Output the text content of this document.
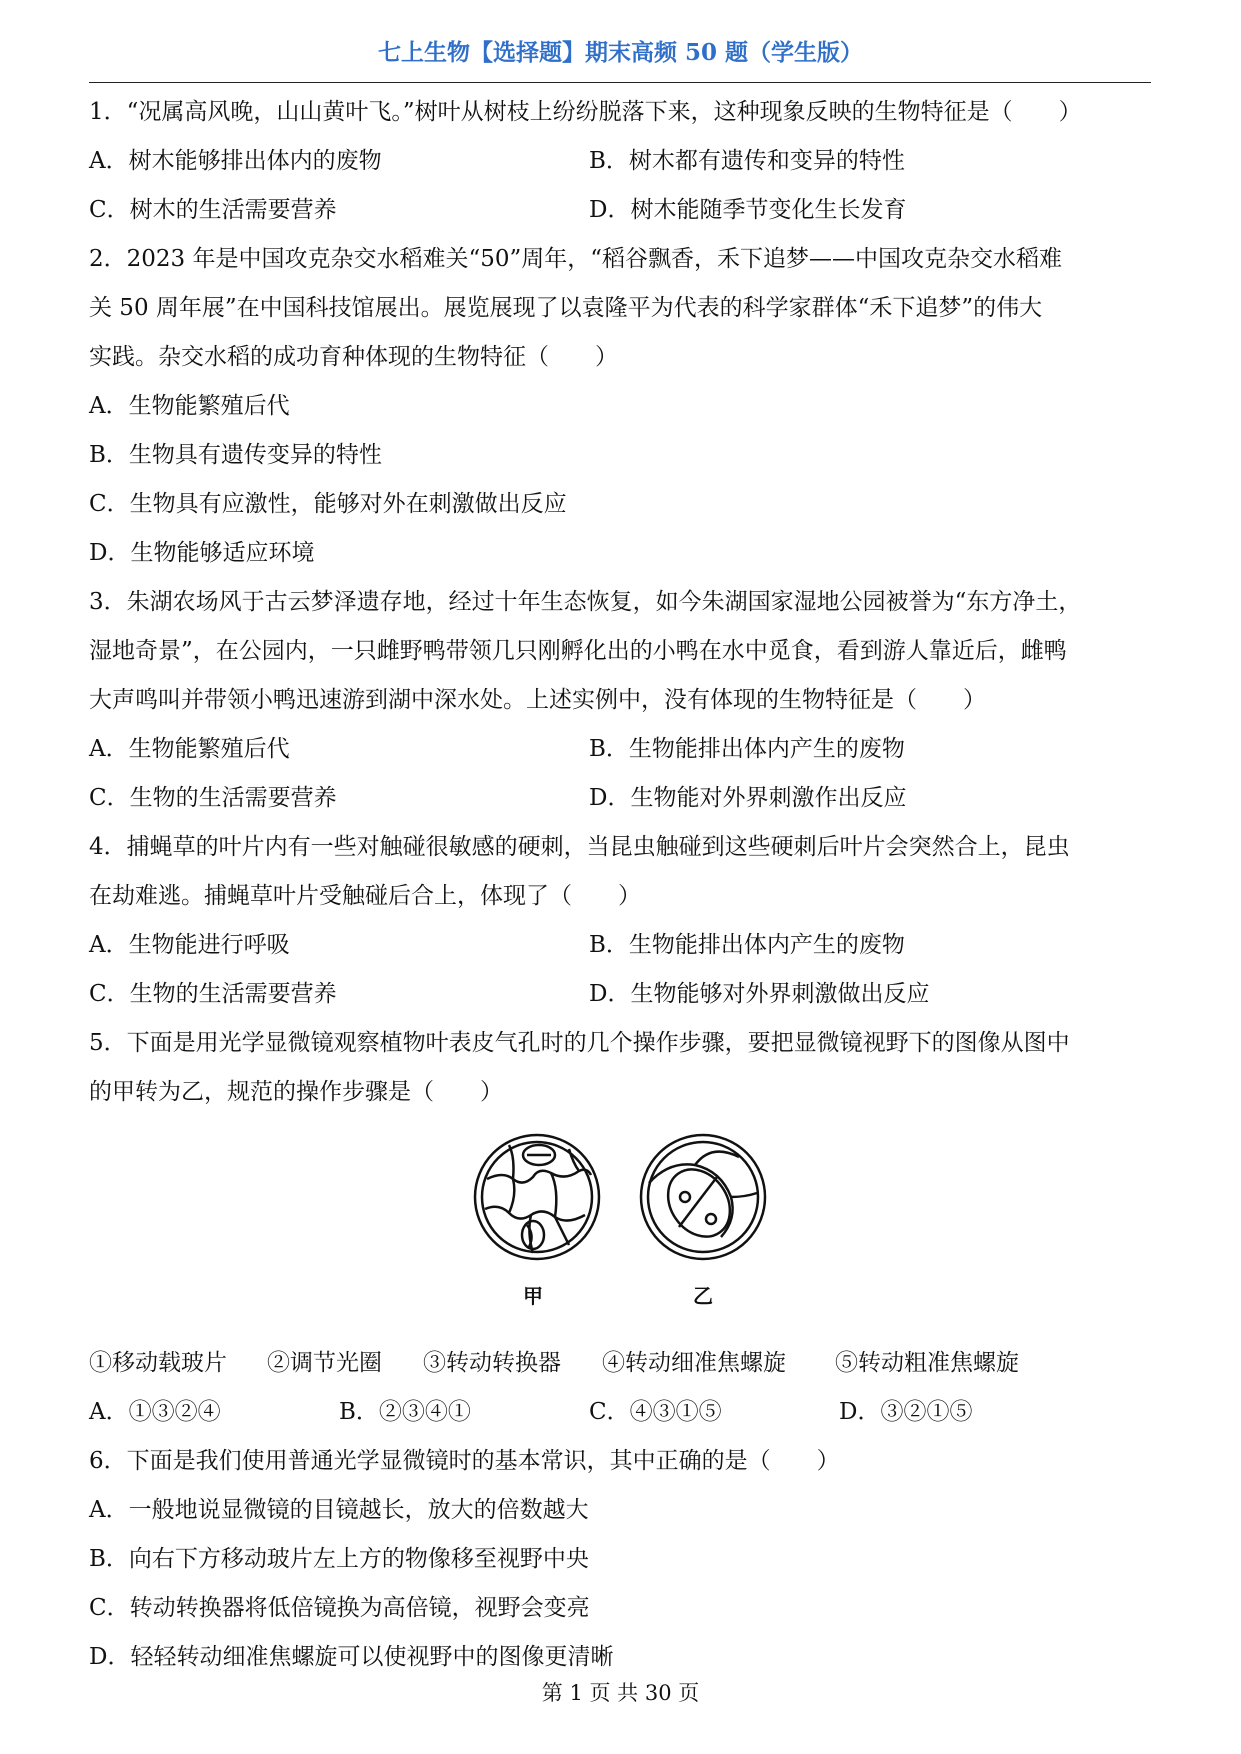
七上生物【选择题】期末高频 50 题（学生版）
1．“况属高风晚，山山黄叶飞。”树叶从树枝上纷纷脱落下来，这种现象反映的生物特征是（　　）
A．树木能够排出体内的废物	B．树木都有遗传和变异的特性
C．树木的生活需要营养	D．树木能随季节变化生长发育
2．2023 年是中国攻克杂交水稻难关“50”周年，“稻谷飘香，禾下追梦——中国攻克杂交水稻难
关 50 周年展”在中国科技馆展出。展览展现了以袁隆平为代表的科学家群体“禾下追梦”的伟大
实践。杂交水稻的成功育种体现的生物特征（　　）
A．生物能繁殖后代
B．生物具有遗传变异的特性
C．生物具有应激性，能够对外在刺激做出反应
D．生物能够适应环境
3．朱湖农场风于古云梦泽遗存地，经过十年生态恢复，如今朱湖国家湿地公园被誉为“东方净土，
湿地奇景”，在公园内，一只雌野鸭带领几只刚孵化出的小鸭在水中觅食，看到游人靠近后，雌鸭
大声鸣叫并带领小鸭迅速游到湖中深水处。上述实例中，没有体现的生物特征是（　　）
A．生物能繁殖后代	B．生物能排出体内产生的废物
C．生物的生活需要营养	D．生物能对外界刺激作出反应
4．捕蝇草的叶片内有一些对触碰很敏感的硬刺，当昆虫触碰到这些硬刺后叶片会突然合上，昆虫
在劫难逃。捕蝇草叶片受触碰后合上，体现了（　　）
A．生物能进行呼吸	B．生物能排出体内产生的废物
C．生物的生活需要营养	D．生物能够对外界刺激做出反应
5．下面是用光学显微镜观察植物叶表皮气孔时的几个操作步骤，要把显微镜视野下的图像从图中
的甲转为乙，规范的操作步骤是（　　）
甲	乙
①移动载玻片 ②调节光圈 ③转动转换器 ④转动细准焦螺旋 ⑤转动粗准焦螺旋
A．①③②④	B．②③④①	C．④③①⑤	D．③②①⑤
6．下面是我们使用普通光学显微镜时的基本常识，其中正确的是（　　）
A．一般地说显微镜的目镜越长，放大的倍数越大
B．向右下方移动玻片左上方的物像移至视野中央
C．转动转换器将低倍镜换为高倍镜，视野会变亮
D．轻轻转动细准焦螺旋可以使视野中的图像更清晰
第 1 页 共 30 页
